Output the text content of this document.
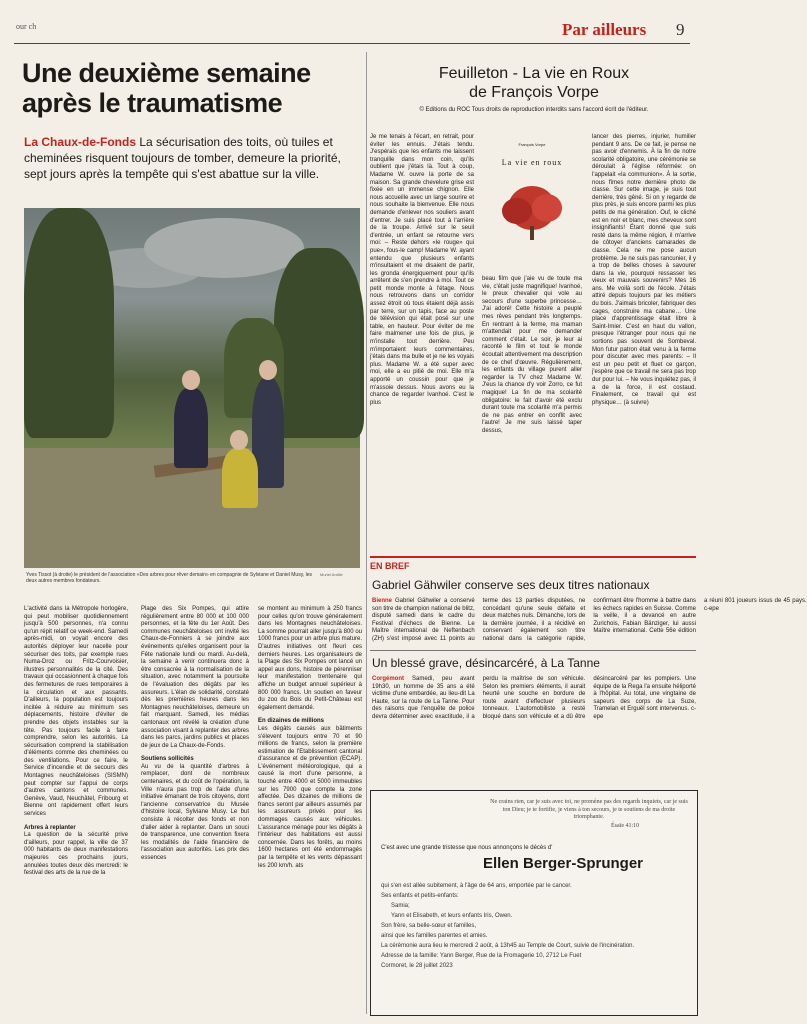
our ch	Par ailleurs 9
Une deuxième semaine
après le traumatisme
La Chaux-de-Fonds La sécurisation des toits, où tuiles et cheminées risquent toujours de tomber, demeure la priorité, sept jours après la tempête qui s'est abattue sur la ville.
Yves Tissot (à droite) le président de l'association «Des arbres pour rêver demain» en compagnie de Sylviane et Daniel Musy, les deux autres membres fondateurs.
Muriel Antille

L'activité dans la Métropole horlogère, qui peut mobiliser quotidiennement jusqu'à 500 personnes, n'a connu qu'un répit relatif ce week-end. Samedi après-midi, on voyait encore des autorités déployer leur nacelle pour sécuriser des toits, par exemple rues Numa-Droz ou Fritz-Courvoisier, illustres personnalités de la cité. Des travaux qui occasionnent à chaque fois des fermetures de rues temporaires à la circulation et aux passants. D'ailleurs, la population est toujours incitée à réduire au minimum ses déplacements, histoire d'éviter de prendre des objets instables sur la tête. Pas toujours facile à faire comprendre, selon les autorités. La sécurisation comprend la stabilisation d'éléments comme des cheminées ou des ventilations. Pour ce faire, le Service d'incendie et de secours des Montagnes neuchâteloises (SISMN) peut compter sur l'appui de corps d'autres cantons et communes. Genève, Vaud, Neuchâtel, Fribourg et Bienne ont rapidement offert leurs services

Arbres à replanter

La question de la sécurité prive d'ailleurs, pour rappel, la ville de 37 000 habitants de deux manifestations majeures ces prochains jours, annulées toutes deux dès mercredi: le festival des arts de la rue de la

Plage des Six Pompes, qui attire régulièrement entre 80 000 et 100 000 personnes, et la fête du 1er Août. Des communes neuchâteloises ont invité les Chaux-de-Fonniers à se joindre aux événements qu'elles organisent pour la Fête nationale lundi ou mardi. Au-delà, la semaine à venir continuera donc à être consacrée à la normalisation de la situation, avec notamment la poursuite de l'évaluation des dégâts par les assureurs. L'élan de solidarité, constaté dès les premières heures dans les Montagnes neuchâteloises, demeure un fait marquant. Samedi, les médias cantonaux ont révélé la création d'une association visant à replanter des arbres dans les parcs, jardins publics et places de jeux de La Chaux-de-Fonds.

Soutiens sollicités

Au vu de la quantité d'arbres à remplacer, dont de nombreux centenaires, et du coût de l'opération, la Ville n'aura pas trop de l'aide d'une initiative émanant de trois citoyens, dont l'ancienne conservatrice du Musée d'histoire local, Sylviane Musy. Le but consiste à récolter des fonds et non d'aller aider à replanter. Dans un souci de transparence, une convention fixera les modalités de l'aide financière de l'association aux autorités. Les prix des essences

se montent au minimum à 250 francs pour celles qu'on trouve généralement dans les Montagnes neuchâteloises. La somme pourrait aller jusqu'à 800 ou 1000 francs pour un arbre plus mature. D'autres initiatives ont fleuri ces derniers heures. Les organisateurs de la Plage des Six Pompes ont lancé un appel aux dons, histoire de pérenniser leur manifestation trentenaire qui affiche un budget annuel supérieur à 800 000 francs. Un soutien en faveur du zoo du Bois du Petit-Château est également demandé.

En dizaines de millions

Les dégâts causés aux bâtiments s'élevent toujours entre 70 et 90 millions de francs, selon la première estimation de l'Etablissement cantonal d'assurance et de prévention (ECAP). L'événement météorologique, qui a causé la mort d'une personne, a touché entre 4000 et 5000 immeubles sur les 7900 que compte la zone affectée. Des dizaines de millions de francs seront par ailleurs assumés par les assureurs privés pour les dommages causés aux véhicules. L'assurance ménage pour les dégâts à l'intérieur des habitations est aussi concernée. Dans les forêts, au moins 1600 hectares ont été endommagés par la tempête et les vents dépassant les 200 km/h. ats

Feuilleton - La vie en Roux
de François Vorpe
© Editions du ROC Tous droits de reproduction interdits sans l'accord écrit de l'éditeur.

Je me tenais à l'écart, en retrait, pour éviter les ennuis. J'étais tendu. J'espérais que les enfants me laissent tranquille dans mon coin, qu'ils oublient que j'étais là. Tout à coup, Madame W. ouvre la porte de sa maison. Sa grande chevelure grise est fixée en un immense chignon. Elle nous accueille avec un large sourire et nous souhaite la bienvenue. Elle nous demande d'enlever nos souliers avant d'entrer. Je suis placé tout à l'arrière de la troupe. Arrivé sur le seuil d'entrée, un enfant se retourne vers moi: – Reste dehors «le rouge» qui pue», fous-le camp! Madame W. ayant entendu que plusieurs enfants m'insultaient et me disaient de partir, les gronda énergiquement pour qu'ils arrêtent de s'en prendre à moi. Tout ce petit monde monte à l'étage. Nous nous retrouvons dans un corridor assez étroit où tous étaient déjà assis par terre, sur un tapis, face au poste de télévision qui était posé sur une table, en hauteur. Pour éviter de me faire malmener une fois de plus, je m'installe tout derrière. Peu m'importaient leurs commentaires, j'étais dans ma bulle et je ne les voyais plus. Madame W. a été super avec moi, elle a eu pitié de moi. Elle m'a apporté un coussin pour que je m'assoie dessus. Nous avons eu la chance de regarder Ivanhoé. C'est le plus

François Vorpe
La vie en roux

beau film que j'aie vu de toute ma vie, c'était juste magnifique! Ivanhoé, le preux chevalier qui vole au secours d'une superbe princesse… J'ai adoré! Cette histoire a peuplé mes rêves pendant très longtemps. En rentrant à la ferme, ma maman m'attendait pour me demander comment c'était. Le soir, je leur ai raconté le film et tout le monde écoutait attentivement ma description de ce chef d'œuvre. Régulièrement, les enfants du village purent aller regarder la TV chez Madame W. J'eus la chance d'y voir Zorro, ce fut magique! La fin de ma scolarité obligatoire: le fait d'avoir été exclu durant toute ma scolarité m'a permis de ne pas entrer en conflit avec l'autre! Je me suis laissé taper dessus,

lancer des pierres, injurier, humilier pendant 9 ans. De ce fait, je pense ne pas avoir d'ennemis. À la fin de notre scolarité obligatoire, une cérémonie se déroulait à l'église réformée: on l'appelait «la communion». À la sortie, nous fîmes notre dernière photo de classe. Sur cette image, je suis tout derrière, très gêné. Si on y regarde de plus près, je suis encore parmi les plus petits de ma génération. Ouf, le cliché est en noir et blanc, mes cheveux sont insignifiants! Étant donné que suis resté dans la même région, il m'arrive de côtoyer d'anciens camarades de classe. Cela ne me pose aucun problème. Je ne suis pas rancunier, il y a trop de belles choses à savourer dans la vie, pourquoi ressasser les vieux et mauvais souvenirs? Mes 16 ans. Me voilà sorti de l'école. J'étais attiré depuis toujours par les métiers du bois. J'aimais bricoler, fabriquer des cages, construire ma cabane… Une place d'apprentissage était libre à Saint-Imier. C'est en haut du vallon, presque l'étranger pour nous qui ne sortions pas souvent de Sombeval. Mon futur patron était venu à la ferme pour discuter avec mes parents: – Il est un peu petit et fluet ce garçon, j'espère que ce travail ne sera pas trop dur pour lui. – Ne vous inquiétez pas, il a de la force, il est costaud. Finalement, ce travail qui est physique… (à suivre)

EN BREF
Gabriel Gähwiler conserve ses deux titres nationaux
Bienne Gabriel Gähwiler a conservé son titre de champion national de blitz, disputé samedi dans le cadre du Festival d'échecs de Bienne. Le Maître international de Neftenbach (ZH) s'est imposé avec 11 points au terme des 13 parties disputées, ne concédant qu'une seule défaite et deux matches nuls. Dimanche, lors de la dernière journée, il a récidivé en conservant également son titre national dans la catégorie rapide, confirmant être l'homme à battre dans les échecs rapides en Suisse. Comme la veille, il a devancé en autre Zurichois, Fabian Bänziger, lui aussi Maître international. Cette 56e édition a réuni 801 joueurs issus de 45 pays. c-epe
Un blessé grave, désincarcéré, à La Tanne
Corgémont Samedi, peu avant 19h30, un homme de 35 ans a été victime d'une embardée, au lieu-dit La Haute, sur la route de La Tanne. Pour des raisons que l'enquête de police devra déterminer avec exactitude, il a perdu la maîtrise de son véhicule. Selon les premiers éléments, il aurait heurté une souche en bordure de route avant d'effectuer plusieurs tonneaux. L'automobiliste a resté bloqué dans son véhicule et a dû être désincarcéré par les pompiers. Une équipe de la Rega l'a ensuite héliporté à l'hôpital. Au total, une vingtaine de sapeurs des corps de La Suze, Tramelan et Erguël sont intervenus. c-epe
Ne crains rien, car je suis avec toi, ne promène pas des regards inquiets, car je suis ton Dieu; je te fortifie, je viens à ton secours, je te soutiens de ma droite triomphante.
Ésaïe 41:10
C'est avec une grande tristesse que nous annonçons le décès d'
Ellen Berger-Sprunger
qui s'en est allée subitement, à l'âge de 64 ans, emportée par le cancer.
Ses enfants et petits-enfants:
Samia;
Yann et Elisabeth, et leurs enfants Iris, Owen.
Son frère, sa belle-sœur et familles,
ainsi que les familles parentes et amies.
La cérémonie aura lieu le mercredi 2 août, à 13h45 au Temple de Court, suivie de l'incinération.
Adresse de la famille: Yann Berger, Rue de la Fromagerie 10, 2712 Le Fuet
Cormoret, le 28 juillet 2023
